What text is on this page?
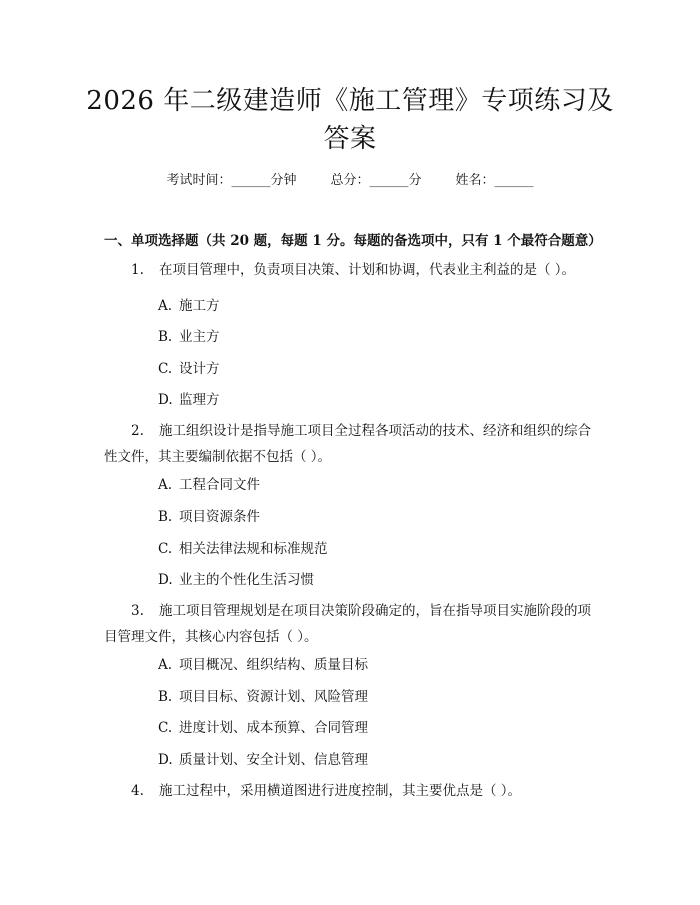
2026 年二级建造师《施工管理》专项练习及
答案
考试时间：______分钟	总分：______分	姓名：______
一、单项选择题（共 20 题，每题 1 分。每题的备选项中，只有 1 个最符合题意）
1. 在项目管理中，负责项目决策、计划和协调，代表业主利益的是（ ）。
A. 施工方
B. 业主方
C. 设计方
D. 监理方
2. 施工组织设计是指导施工项目全过程各项活动的技术、经济和组织的综合性文件，其主要编制依据不包括（ ）。
A. 工程合同文件
B. 项目资源条件
C. 相关法律法规和标准规范
D. 业主的个性化生活习惯
3. 施工项目管理规划是在项目决策阶段确定的，旨在指导项目实施阶段的项目管理文件，其核心内容包括（ ）。
A. 项目概况、组织结构、质量目标
B. 项目目标、资源计划、风险管理
C. 进度计划、成本预算、合同管理
D. 质量计划、安全计划、信息管理
4. 施工过程中，采用横道图进行进度控制，其主要优点是（ ）。
